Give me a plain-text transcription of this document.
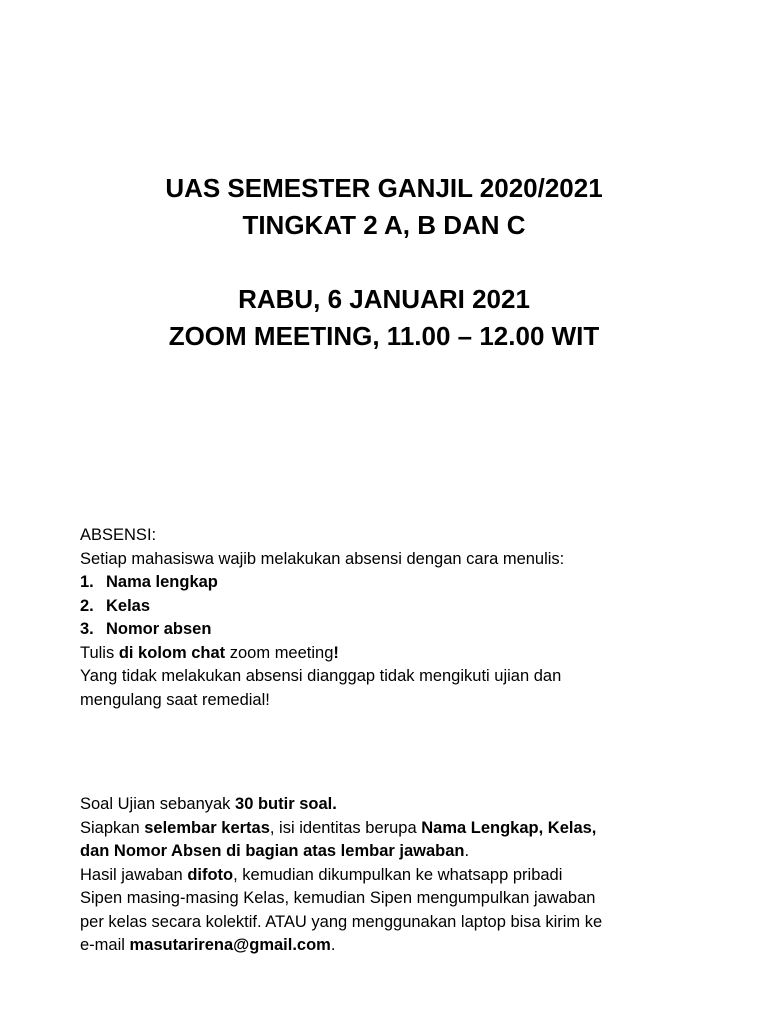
UAS SEMESTER GANJIL 2020/2021
TINGKAT 2 A, B DAN C
RABU, 6 JANUARI 2021
ZOOM MEETING, 11.00 – 12.00 WIT
ABSENSI:
Setiap mahasiswa wajib melakukan absensi dengan cara menulis:
1. Nama lengkap
2. Kelas
3. Nomor absen
Tulis di kolom chat zoom meeting!
Yang tidak melakukan absensi dianggap tidak mengikuti ujian dan
mengulang saat remedial!
Soal Ujian sebanyak 30 butir soal.
Siapkan selembar kertas, isi identitas berupa Nama Lengkap, Kelas,
dan Nomor Absen di bagian atas lembar jawaban.
Hasil jawaban difoto, kemudian dikumpulkan ke whatsapp pribadi
Sipen masing-masing Kelas, kemudian Sipen mengumpulkan jawaban
per kelas secara kolektif. ATAU yang menggunakan laptop bisa kirim ke
e-mail masutarirena@gmail.com.
